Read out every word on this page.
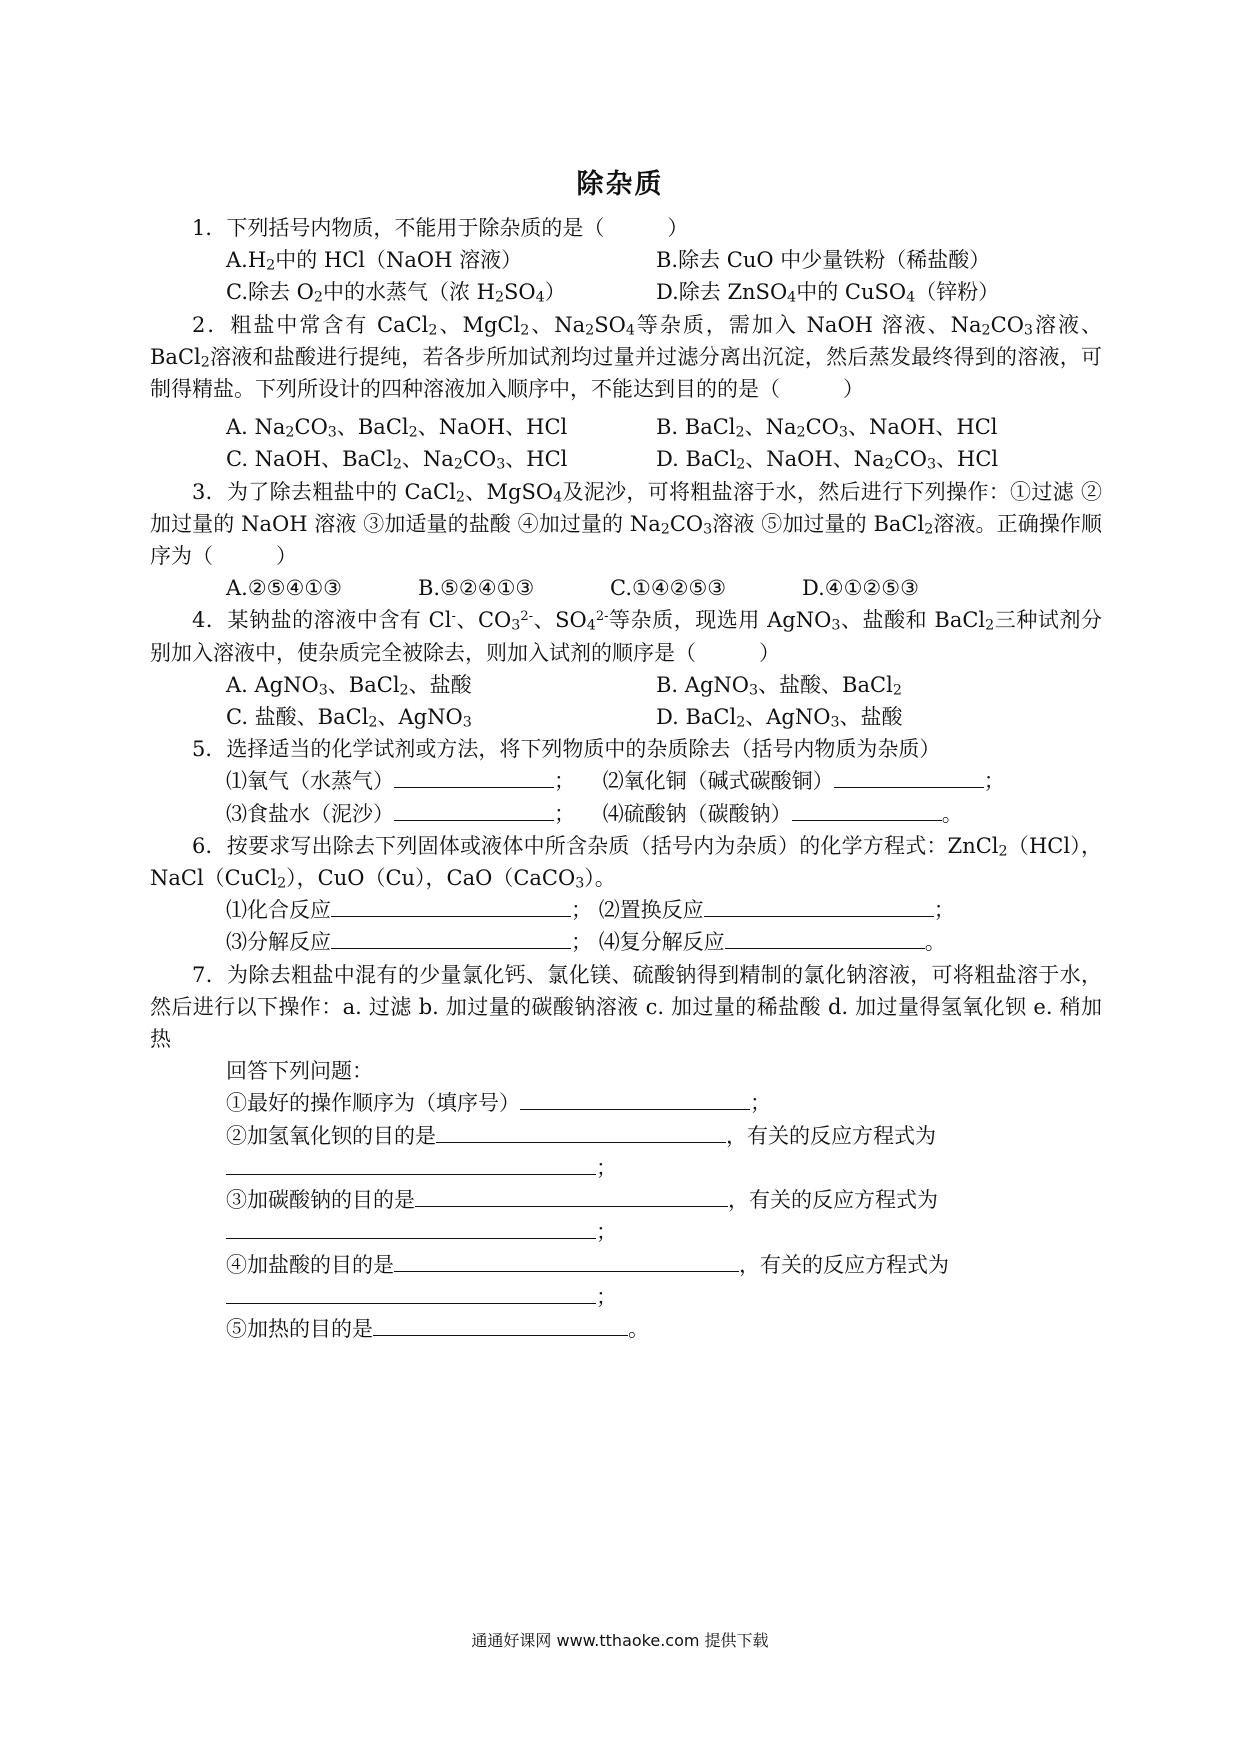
除杂质

1．下列括号内物质，不能用于除杂质的是（　　　）

$A.H_2$中的 HCl（NaOH 溶液）	B.除去 CuO 中少量铁粉（稀盐酸）
C.除去 $O_2$中的水蒸气（浓 $H_2SO_4$）	D.除去 ZnSO$_4$中的 CuSO$_4$（锌粉）

2．粗盐中常含有 CaCl$_2$、MgCl$_2$、$Na_2SO_4$等杂质，需加入 NaOH 溶液、$Na_2CO_3$溶液、BaCl$_2$溶液和盐酸进行提纯，若各步所加试剂均过量并过滤分离出沉淀，然后蒸发最终得到的溶液，可制得精盐。下列所设计的四种溶液加入顺序中，不能达到目的的是（　　　）

A. $Na_2CO_3$、BaCl$_2$、NaOH、HCl	B. BaCl$_2$、$Na_2CO_3$、NaOH、HCl
C. NaOH、BaCl$_2$、$Na_2CO_3$、HCl	D. BaCl$_2$、NaOH、$Na_2CO_3$、HCl

3．为了除去粗盐中的 CaCl$_2$、MgSO$_4$及泥沙，可将粗盐溶于水，然后进行下列操作：①过滤 ②加过量的 NaOH 溶液 ③加适量的盐酸 ④加过量的 $Na_2CO_3$溶液 ⑤加过量的 BaCl$_2$溶液。正确操作顺序为（　　　）

A.②⑤④①③	B.⑤②④①③	C.①④②⑤③	D.④①②⑤③

4．某钠盐的溶液中含有 Cl-、$CO_3^{2-}$、$SO_4^{2-}$等杂质，现选用 AgNO$_3$、盐酸和 BaCl$_2$三种试剂分别加入溶液中，使杂质完全被除去，则加入试剂的顺序是（　　　）

A. AgNO$_3$、BaCl$_2$、盐酸	B. AgNO$_3$、盐酸、BaCl$_2$
C. 盐酸、BaCl$_2$、AgNO$_3$	D. BaCl$_2$、AgNO$_3$、盐酸

5．选择适当的化学试剂或方法，将下列物质中的杂质除去（括号内物质为杂质）

⑴氧气（水蒸气）	；  ⑵氧化铜（碱式碳酸铜）	；

⑶食盐水（泥沙）	；  ⑷硫酸钠（碳酸钠）	。

6．按要求写出除去下列固体或液体中所含杂质（括号内为杂质）的化学方程式：ZnCl$_2$（HCl），NaCl（CuCl$_2$），CuO（Cu），CaO（CaCO$_3$）。

⑴化合反应	； ⑵置换反应	；

⑶分解反应	； ⑷复分解反应	。

7．为除去粗盐中混有的少量氯化钙、氯化镁、硫酸钠得到精制的氯化钠溶液，可将粗盐溶于水，然后进行以下操作：a. 过滤 b. 加过量的碳酸钠溶液 c. 加过量的稀盐酸 d. 加过量得氢氧化钡 e. 稍加热

回答下列问题：

①最好的操作顺序为（填序号）	；

②加氢氧化钡的目的是	，有关的反应方程式为

；

③加碳酸钠的目的是	，有关的反应方程式为

；

④加盐酸的目的是	，有关的反应方程式为

；

⑤加热的目的是	。

通通好课网 www.tthaoke.com 提供下载
